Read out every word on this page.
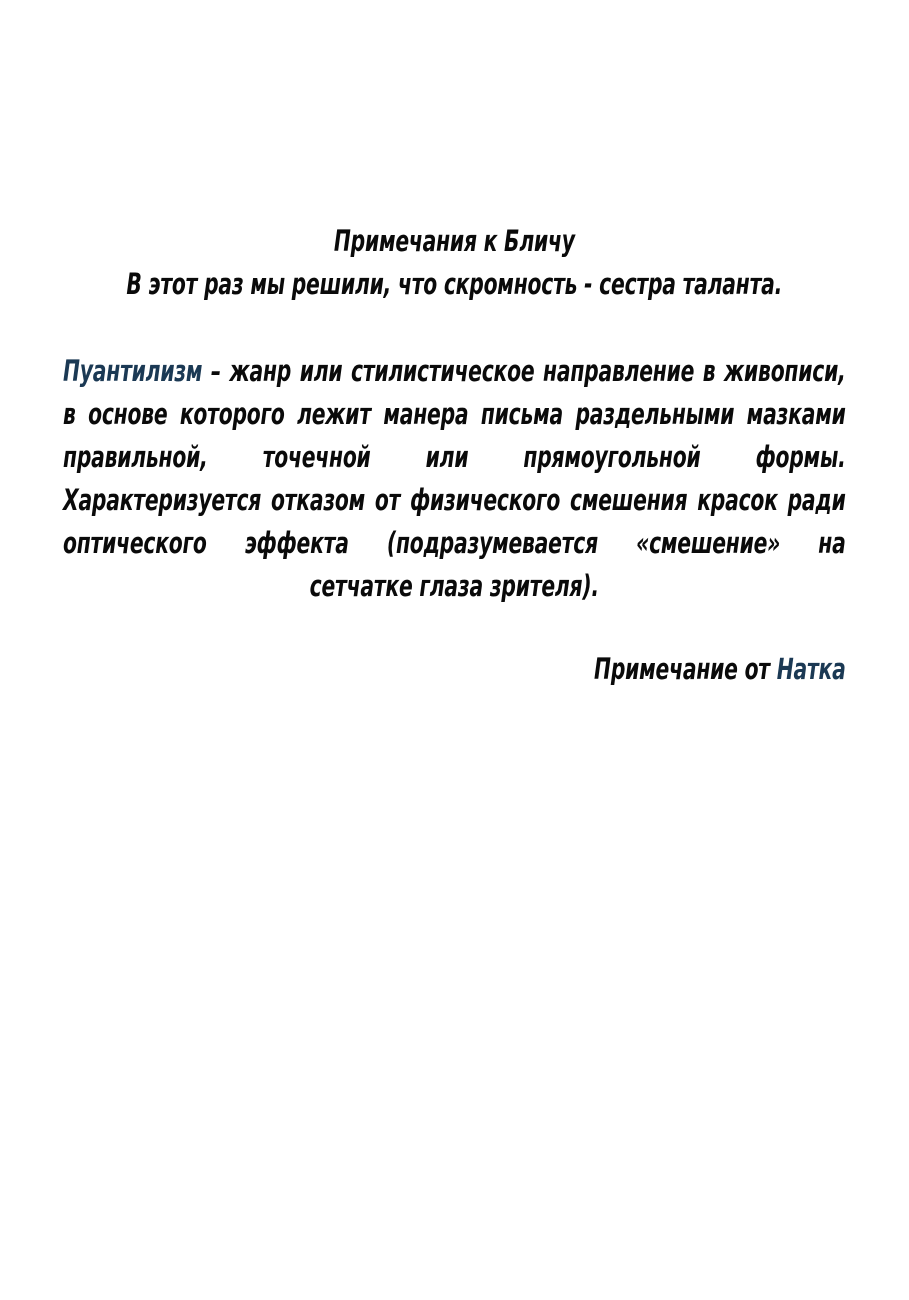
Примечания к Бличу
В этот раз мы решили, что скромность - сестра таланта.
Пуантилизм – жанр или стилистическое направление в живописи,
в основе которого лежит манера письма раздельными мазками
правильной, точечной или прямоугольной формы.
Характеризуется отказом от физического смешения красок ради
оптического эффекта (подразумевается «смешение» на
сетчатке глаза зрителя).
Примечание от Натка
